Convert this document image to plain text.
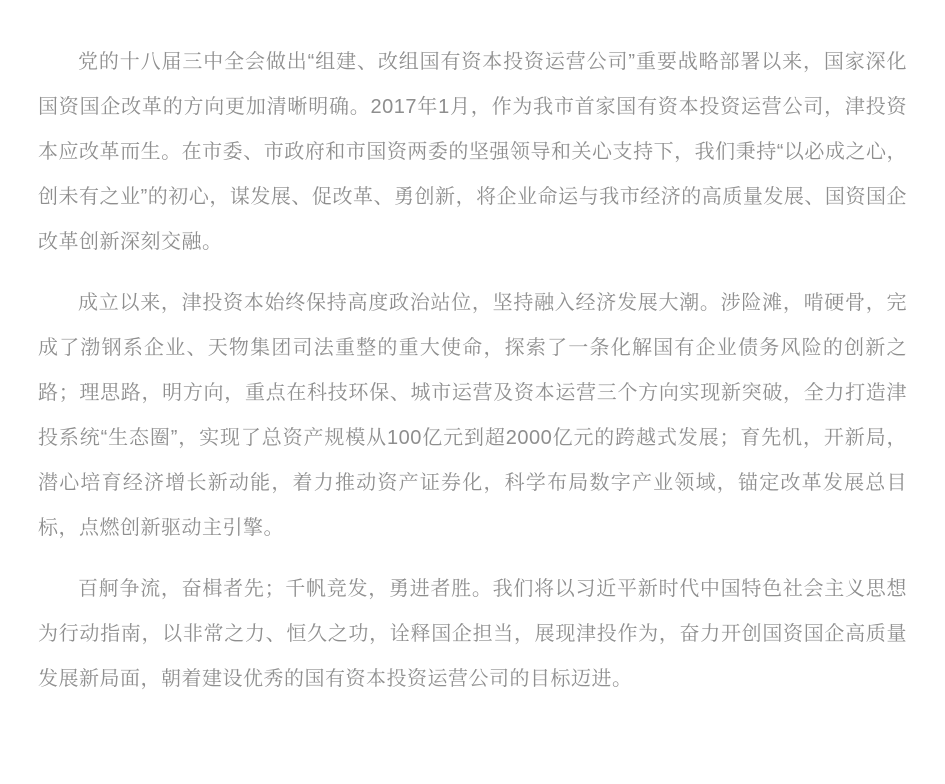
党的十八届三中全会做出“组建、改组国有资本投资运营公司”重要战略部署以来，国家深化国资国企改革的方向更加清晰明确。2017年1月，作为我市首家国有资本投资运营公司，津投资本应改革而生。在市委、市政府和市国资两委的坚强领导和关心支持下，我们秉持“以必成之心，创未有之业”的初心，谋发展、促改革、勇创新，将企业命运与我市经济的高质量发展、国资国企改革创新深刻交融。

成立以来，津投资本始终保持高度政治站位，坚持融入经济发展大潮。涉险滩，啃硬骨，完成了渤钢系企业、天物集团司法重整的重大使命，探索了一条化解国有企业债务风险的创新之路；理思路，明方向，重点在科技环保、城市运营及资本运营三个方向实现新突破，全力打造津投系统“生态圈”，实现了总资产规模从100亿元到超2000亿元的跨越式发展；育先机，开新局，潜心培育经济增长新动能，着力推动资产证券化，科学布局数字产业领域，锚定改革发展总目标，点燃创新驱动主引擎。

百舸争流，奋楫者先；千帆竞发，勇进者胜。我们将以习近平新时代中国特色社会主义思想为行动指南，以非常之力、恒久之功，诠释国企担当，展现津投作为，奋力开创国资国企高质量发展新局面，朝着建设优秀的国有资本投资运营公司的目标迈进。
